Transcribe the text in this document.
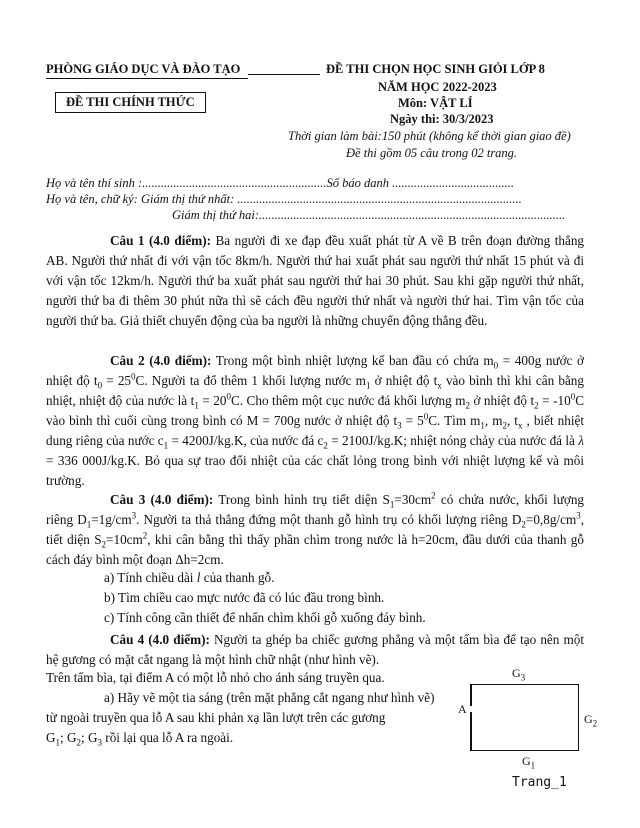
PHÒNG GIÁO DỤC VÀ ĐÀO TẠO
ĐỀ THI CHÍNH THỨC
ĐỀ THI CHỌN HỌC SINH GIỎI LỚP 8
NĂM HỌC 2022-2023
Môn: VẬT LÍ
Ngày thi: 30/3/2023
Thời gian làm bài:150 phút (không kể thời gian giao đề)
Đề thi gồm 05 câu trong 02 trang.
Họ và tên thí sinh :...........................................................Số báo danh .......................................
Họ và tên, chữ ký: Giám thị thứ nhất: ...........................................................................................
Giám thị thứ hai:..................................................................................................
Câu 1 (4.0 điểm): Ba người đi xe đạp đều xuất phát từ A về B trên đoạn đường thẳng AB. Người thứ nhất đi với vận tốc 8km/h. Người thứ hai xuất phát sau người thứ nhất 15 phút và đi với vận tốc 12km/h. Người thứ ba xuất phát sau người thứ hai 30 phút. Sau khi gặp người thứ nhất, người thứ ba đi thêm 30 phút nữa thì sẽ cách đều người thứ nhất và người thứ hai. Tìm vận tốc của người thứ ba. Giả thiết chuyển động của ba người là những chuyển động thẳng đều.
Câu 2 (4.0 điểm): Trong một bình nhiệt lượng kế ban đầu có chứa $m_0 = 400g$ nước ở nhiệt độ $t_0 = 25^0C$. Người ta đổ thêm 1 khối lượng nước $m_1$ ở nhiệt độ $t_x$ vào bình thì khi cân bằng nhiệt, nhiệt độ của nước là $t_1 = 20^0C$. Cho thêm một cục nước đá khối lượng $m_2$ ở nhiệt độ $t_2 = -10^0C$ vào bình thì cuối cùng trong bình có M = 700g nước ở nhiệt độ $t_3 = 5^0C$. Tìm $m_1$, $m_2$, $t_x$ , biết nhiệt dung riêng của nước $c_1 = 4200J/kg.K$, của nước đá $c_2 = 2100J/kg.K$; nhiệt nóng chảy của nước đá là λ = 336 000J/kg.K. Bỏ qua sự trao đổi nhiệt của các chất lỏng trong bình với nhiệt lượng kế và môi trường.
Câu 3 (4.0 điểm): Trong bình hình trụ tiết diện $S_1=30cm^2$ có chứa nước, khối lượng riêng $D_1=1g/cm^3$. Người ta thả thẳng đứng một thanh gỗ hình trụ có khối lượng riêng $D_2=0,8g/cm^3$, tiết diện $S_2=10cm^2$, khi cân bằng thì thấy phần chìm trong nước là h=20cm, đầu dưới của thanh gỗ cách đáy bình một đoạn Δh=2cm.
a) Tính chiều dài l của thanh gỗ.
b) Tìm chiều cao mực nước đã có lúc đầu trong bình.
c) Tính công cần thiết để nhấn chìm khối gỗ xuống đáy bình.
Câu 4 (4.0 điểm): Người ta ghép ba chiếc gương phẳng và một tấm bìa để tạo nên một hệ gương có mặt cắt ngang là một hình chữ nhật (như hình vẽ).
Trên tấm bìa, tại điểm A có một lỗ nhỏ cho ánh sáng truyền qua.
a) Hãy vẽ một tia sáng (trên mặt phẳng cắt ngang như hình vẽ)
từ ngoài truyền qua lỗ A sau khi phản xạ lần lượt trên các gương
$G_1$; $G_2$; $G_3$ rồi lại qua lỗ A ra ngoài.
$G_3$
$G_2$
$G_1$
A
Trang_1
